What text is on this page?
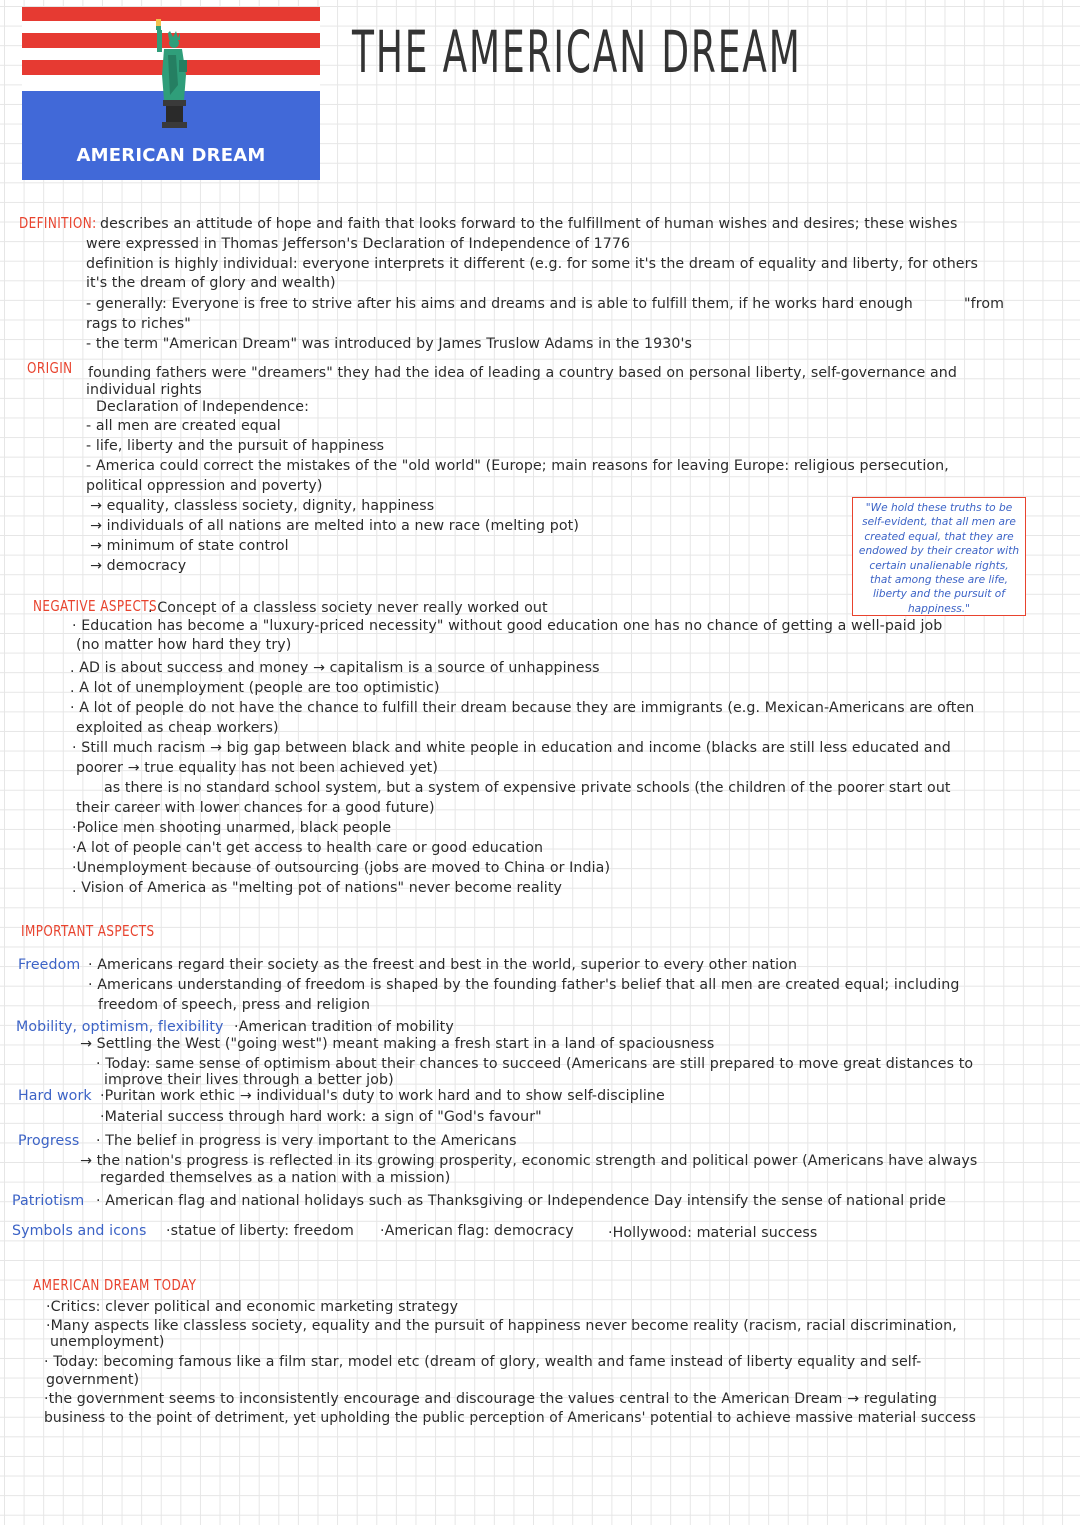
AMERICAN DREAM
THE AMERICAN DREAM
DEFINITION: describes an attitude of hope and faith that looks forward to the fulfillment of human wishes and desires; these wishes
were expressed in Thomas Jefferson's Declaration of Independence of 1776
definition is highly individual: everyone interprets it different (e.g. for some it's the dream of equality and liberty, for others
it's the dream of glory and wealth)
- generally: Everyone is free to strive after his aims and dreams and is able to fulfill them, if he works hard enough	"from
rags to riches"
- the term "American Dream" was introduced by James Truslow Adams in the 1930's
ORIGIN founding fathers were "dreamers" they had the idea of leading a country based on personal liberty, self-governance and
individual rights
Declaration of Independence:
- all men are created equal
- life, liberty and the pursuit of happiness
- America could correct the mistakes of the "old world" (Europe; main reasons for leaving Europe: religious persecution,
political oppression and poverty)
→ equality, classless society, dignity, happiness
→ individuals of all nations are melted into a new race (melting pot)
→ minimum of state control
→ democracy
"We hold these truths to be self-evident, that all men are created equal, that they are endowed by their creator with certain unalienable rights, that among these are life, liberty and the pursuit of happiness."
NEGATIVE ASPECTS
. Concept of a classless society never really worked out
· Education has become a "luxury-priced necessity" without good education one has no chance of getting a well-paid job
(no matter how hard they try)
. AD is about success and money → capitalism is a source of unhappiness
. A lot of unemployment (people are too optimistic)
· A lot of people do not have the chance to fulfill their dream because they are immigrants (e.g. Mexican-Americans are often
exploited as cheap workers)
· Still much racism → big gap between black and white people in education and income (blacks are still less educated and
poorer → true equality has not been achieved yet)
as there is no standard school system, but a system of expensive private schools (the children of the poorer start out
their career with lower chances for a good future)
·Police men shooting unarmed, black people
·A lot of people can't get access to health care or good education
·Unemployment because of outsourcing (jobs are moved to China or India)
. Vision of America as "melting pot of nations" never become reality
IMPORTANT ASPECTS
Freedom · Americans regard their society as the freest and best in the world, superior to every other nation
· Americans understanding of freedom is shaped by the founding father's belief that all men are created equal; including
freedom of speech, press and religion
Mobility, optimism, flexibility ·American tradition of mobility
→ Settling the West ("going west") meant making a fresh start in a land of spaciousness
· Today: same sense of optimism about their chances to succeed (Americans are still prepared to move great distances to
improve their lives through a better job)
Hard work ·Puritan work ethic → individual's duty to work hard and to show self-discipline
·Material success through hard work: a sign of "God's favour"
Progress · The belief in progress is very important to the Americans
→ the nation's progress is reflected in its growing prosperity, economic strength and political power (Americans have always
regarded themselves as a nation with a mission)
Patriotism · American flag and national holidays such as Thanksgiving or Independence Day intensify the sense of national pride
Symbols and icons ·statue of liberty: freedom ·American flag: democracy ·Hollywood: material success
AMERICAN DREAM TODAY
·Critics: clever political and economic marketing strategy
·Many aspects like classless society, equality and the pursuit of happiness never become reality (racism, racial discrimination,
unemployment)
· Today: becoming famous like a film star, model etc (dream of glory, wealth and fame instead of liberty equality and self-
government)
·the government seems to inconsistently encourage and discourage the values central to the American Dream → regulating
business to the point of detriment, yet upholding the public perception of Americans' potential to achieve massive material success
